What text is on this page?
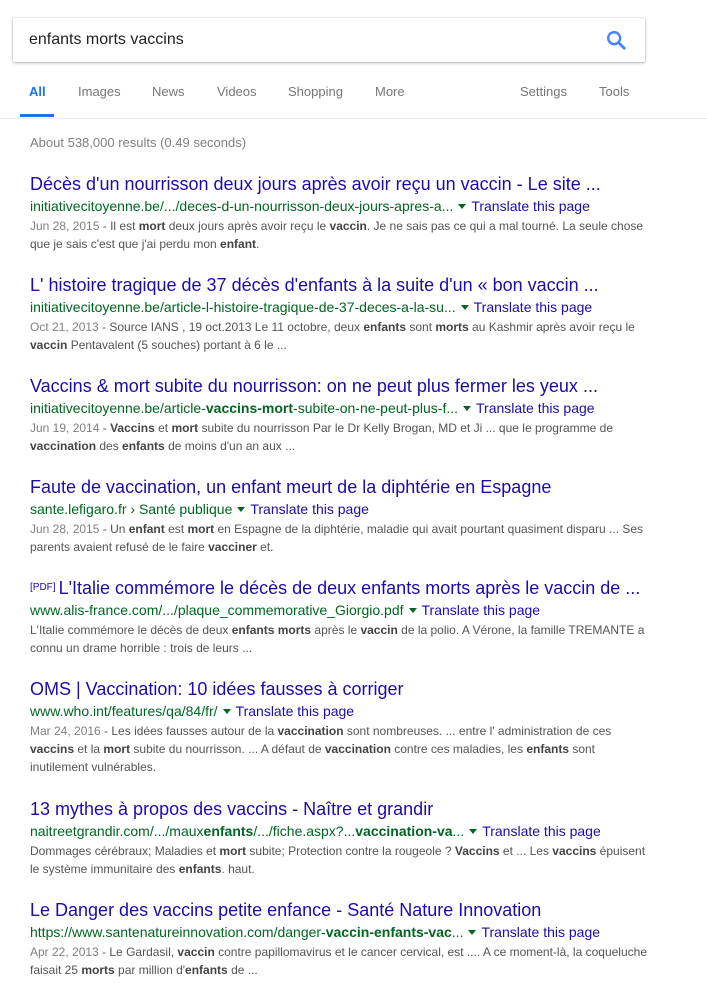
enfants morts vaccins
All Images News Videos Shopping More	Settings Tools
About 538,000 results (0.49 seconds)
Décès d'un nourrisson deux jours après avoir reçu un vaccin - Le site ...
initiativecitoyenne.be/.../deces-d-un-nourrisson-deux-jours-apres-a... Translate this page
Jun 28, 2015 - Il est mort deux jours après avoir reçu le vaccin. Je ne sais pas ce qui a mal tourné. La seule chose que je sais c'est que j'ai perdu mon enfant.
L' histoire tragique de 37 décès d'enfants à la suite d'un « bon vaccin ...
initiativecitoyenne.be/article-l-histoire-tragique-de-37-deces-a-la-su... Translate this page
Oct 21, 2013 - Source IANS , 19 oct.2013 Le 11 octobre, deux enfants sont morts au Kashmir après avoir reçu le vaccin Pentavalent (5 souches) portant à 6 le ...
Vaccins & mort subite du nourrisson: on ne peut plus fermer les yeux ...
initiativecitoyenne.be/article-vaccins-mort-subite-on-ne-peut-plus-f... Translate this page
Jun 19, 2014 - Vaccins et mort subite du nourrisson Par le Dr Kelly Brogan, MD et Ji ... que le programme de vaccination des enfants de moins d'un an aux ...
Faute de vaccination, un enfant meurt de la diphtérie en Espagne
sante.lefigaro.fr › Santé publique Translate this page
Jun 28, 2015 - Un enfant est mort en Espagne de la diphtérie, maladie qui avait pourtant quasiment disparu ... Ses parents avaient refusé de le faire vacciner et.
[PDF] L'Italie commémore le décès de deux enfants morts après le vaccin de ...
www.alis-france.com/.../plaque_commemorative_Giorgio.pdf Translate this page
L'Italie commémore le décès de deux enfants morts après le vaccin de la polio. A Vérone, la famille TREMANTE a connu un drame horrible : trois de leurs ...
OMS | Vaccination: 10 idées fausses à corriger
www.who.int/features/qa/84/fr/ Translate this page
Mar 24, 2016 - Les idées fausses autour de la vaccination sont nombreuses. ... entre l' administration de ces vaccins et la mort subite du nourrisson. ... A défaut de vaccination contre ces maladies, les enfants sont inutilement vulnérables.
13 mythes à propos des vaccins - Naître et grandir
naitreetgrandir.com/.../mauxenfants/.../fiche.aspx?...vaccination-va... Translate this page
Dommages cérébraux; Maladies et mort subite; Protection contre la rougeole ? Vaccins et ... Les vaccins épuisent le système immunitaire des enfants. haut.
Le Danger des vaccins petite enfance - Santé Nature Innovation
https://www.santenatureinnovation.com/danger-vaccin-enfants-vac... Translate this page
Apr 22, 2013 - Le Gardasil, vaccin contre papillomavirus et le cancer cervical, est .... A ce moment-là, la coqueluche faisait 25 morts par million d'enfants de ...
